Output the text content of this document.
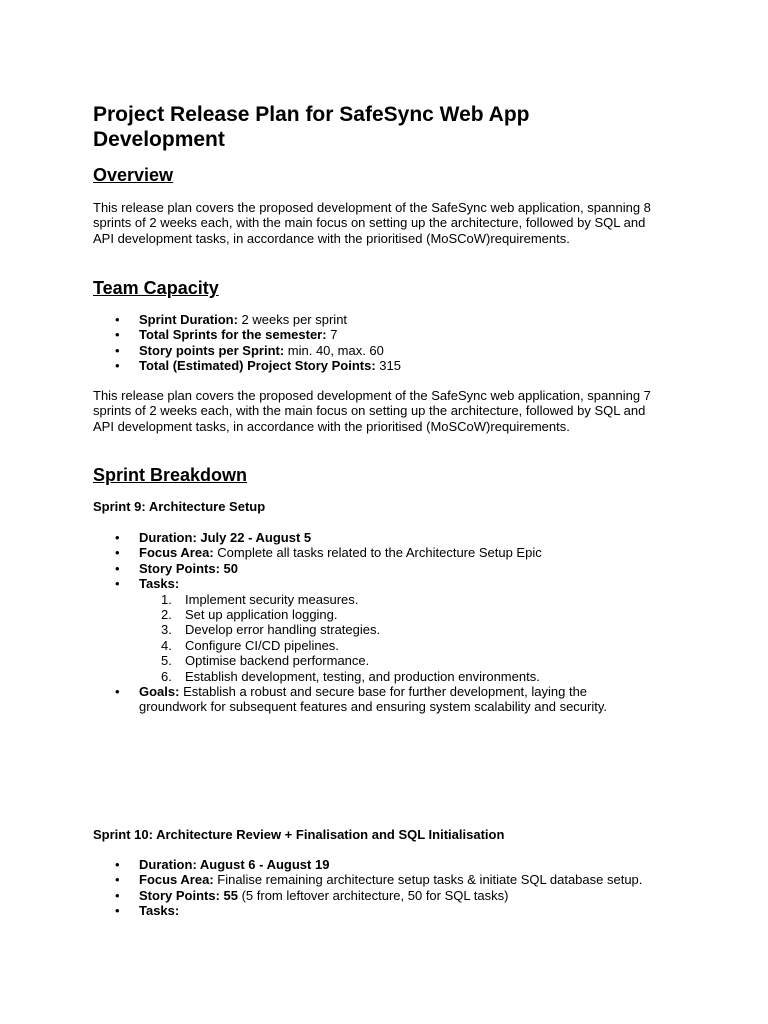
Project Release Plan for SafeSync Web App Development
Overview

This release plan covers the proposed development of the SafeSync web application, spanning 8 sprints of 2 weeks each, with the main focus on setting up the architecture, followed by SQL and API development tasks, in accordance with the prioritised (MoSCoW)requirements.

Team Capacity
• Sprint Duration: 2 weeks per sprint
• Total Sprints for the semester: 7
• Story points per Sprint: min. 40, max. 60
• Total (Estimated) Project Story Points: 315

This release plan covers the proposed development of the SafeSync web application, spanning 7 sprints of 2 weeks each, with the main focus on setting up the architecture, followed by SQL and API development tasks, in accordance with the prioritised (MoSCoW)requirements.

Sprint Breakdown
Sprint 9: Architecture Setup
• Duration: July 22 - August 5
• Focus Area: Complete all tasks related to the Architecture Setup Epic
• Story Points: 50
• Tasks:
1. Implement security measures.
2. Set up application logging.
3. Develop error handling strategies.
4. Configure CI/CD pipelines.
5. Optimise backend performance.
6. Establish development, testing, and production environments.
• Goals: Establish a robust and secure base for further development, laying the groundwork for subsequent features and ensuring system scalability and security.
Sprint 10: Architecture Review + Finalisation and SQL Initialisation
• Duration: August 6 - August 19
• Focus Area: Finalise remaining architecture setup tasks & initiate SQL database setup.
• Story Points: 55 (5 from leftover architecture, 50 for SQL tasks)
• Tasks:
